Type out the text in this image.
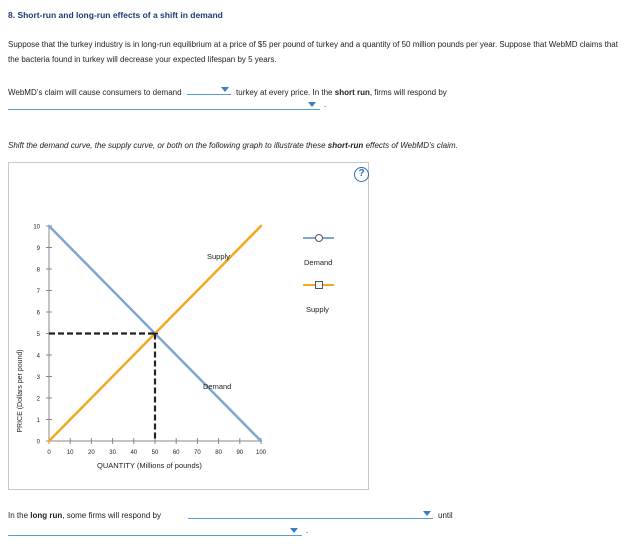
8. Short-run and long-run effects of a shift in demand
Suppose that the turkey industry is in long-run equilibrium at a price of $5 per pound of turkey and a quantity of 50 million pounds per year. Suppose that WebMD claims that the bacteria found in turkey will decrease your expected lifespan by 5 years.
WebMD’s claim will cause consumers to demand	turkey at every price. In the short run, firms will respond by
.
Shift the demand curve, the supply curve, or both on the following graph to illustrate these short-run effects of WebMD’s claim.
?
0
1
2
3
4
5
6
7
8
9
10
0	10 20 30 40 50 60 70 80 90 100
QUANTITY (Millions of pounds)
PRICE (Dollars per pound)
Supply
Demand
Demand
Supply
In the long run, some firms will respond by	until
.
